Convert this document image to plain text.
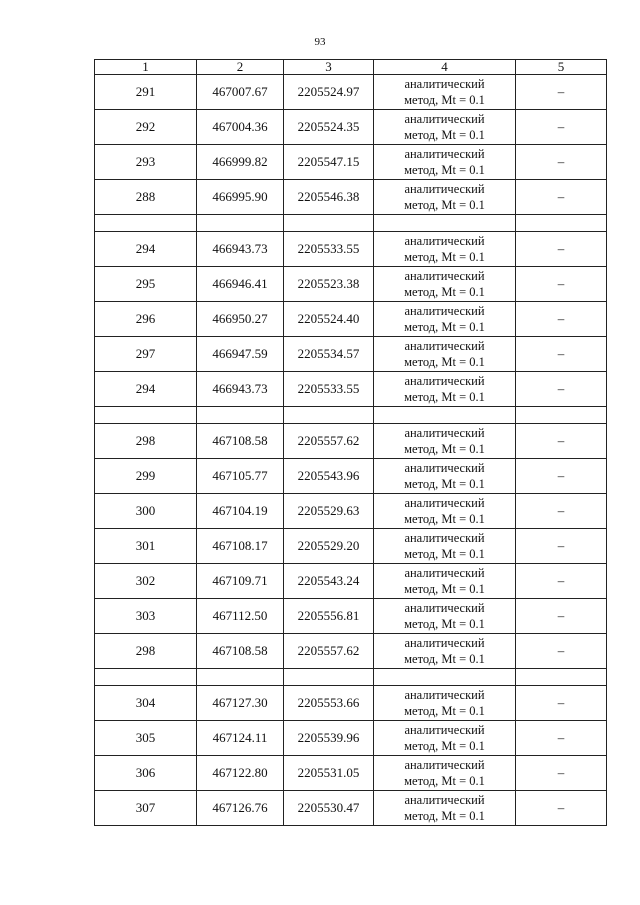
93
1	2	3	4	5
291	467007.67	2205524.97	аналитический
метод, Mt = 0.1	–
292	467004.36	2205524.35	аналитический
метод, Mt = 0.1	–
293	466999.82	2205547.15	аналитический
метод, Mt = 0.1	–
288	466995.90	2205546.38	аналитический
метод, Mt = 0.1	–

294	466943.73	2205533.55	аналитический
метод, Mt = 0.1	–
295	466946.41	2205523.38	аналитический
метод, Mt = 0.1	–
296	466950.27	2205524.40	аналитический
метод, Mt = 0.1	–
297	466947.59	2205534.57	аналитический
метод, Mt = 0.1	–
294	466943.73	2205533.55	аналитический
метод, Mt = 0.1	–

298	467108.58	2205557.62	аналитический
метод, Mt = 0.1	–
299	467105.77	2205543.96	аналитический
метод, Mt = 0.1	–
300	467104.19	2205529.63	аналитический
метод, Mt = 0.1	–
301	467108.17	2205529.20	аналитический
метод, Mt = 0.1	–
302	467109.71	2205543.24	аналитический
метод, Mt = 0.1	–
303	467112.50	2205556.81	аналитический
метод, Mt = 0.1	–
298	467108.58	2205557.62	аналитический
метод, Mt = 0.1	–

304	467127.30	2205553.66	аналитический
метод, Mt = 0.1	–
305	467124.11	2205539.96	аналитический
метод, Mt = 0.1	–
306	467122.80	2205531.05	аналитический
метод, Mt = 0.1	–
307	467126.76	2205530.47	аналитический
метод, Mt = 0.1	–
